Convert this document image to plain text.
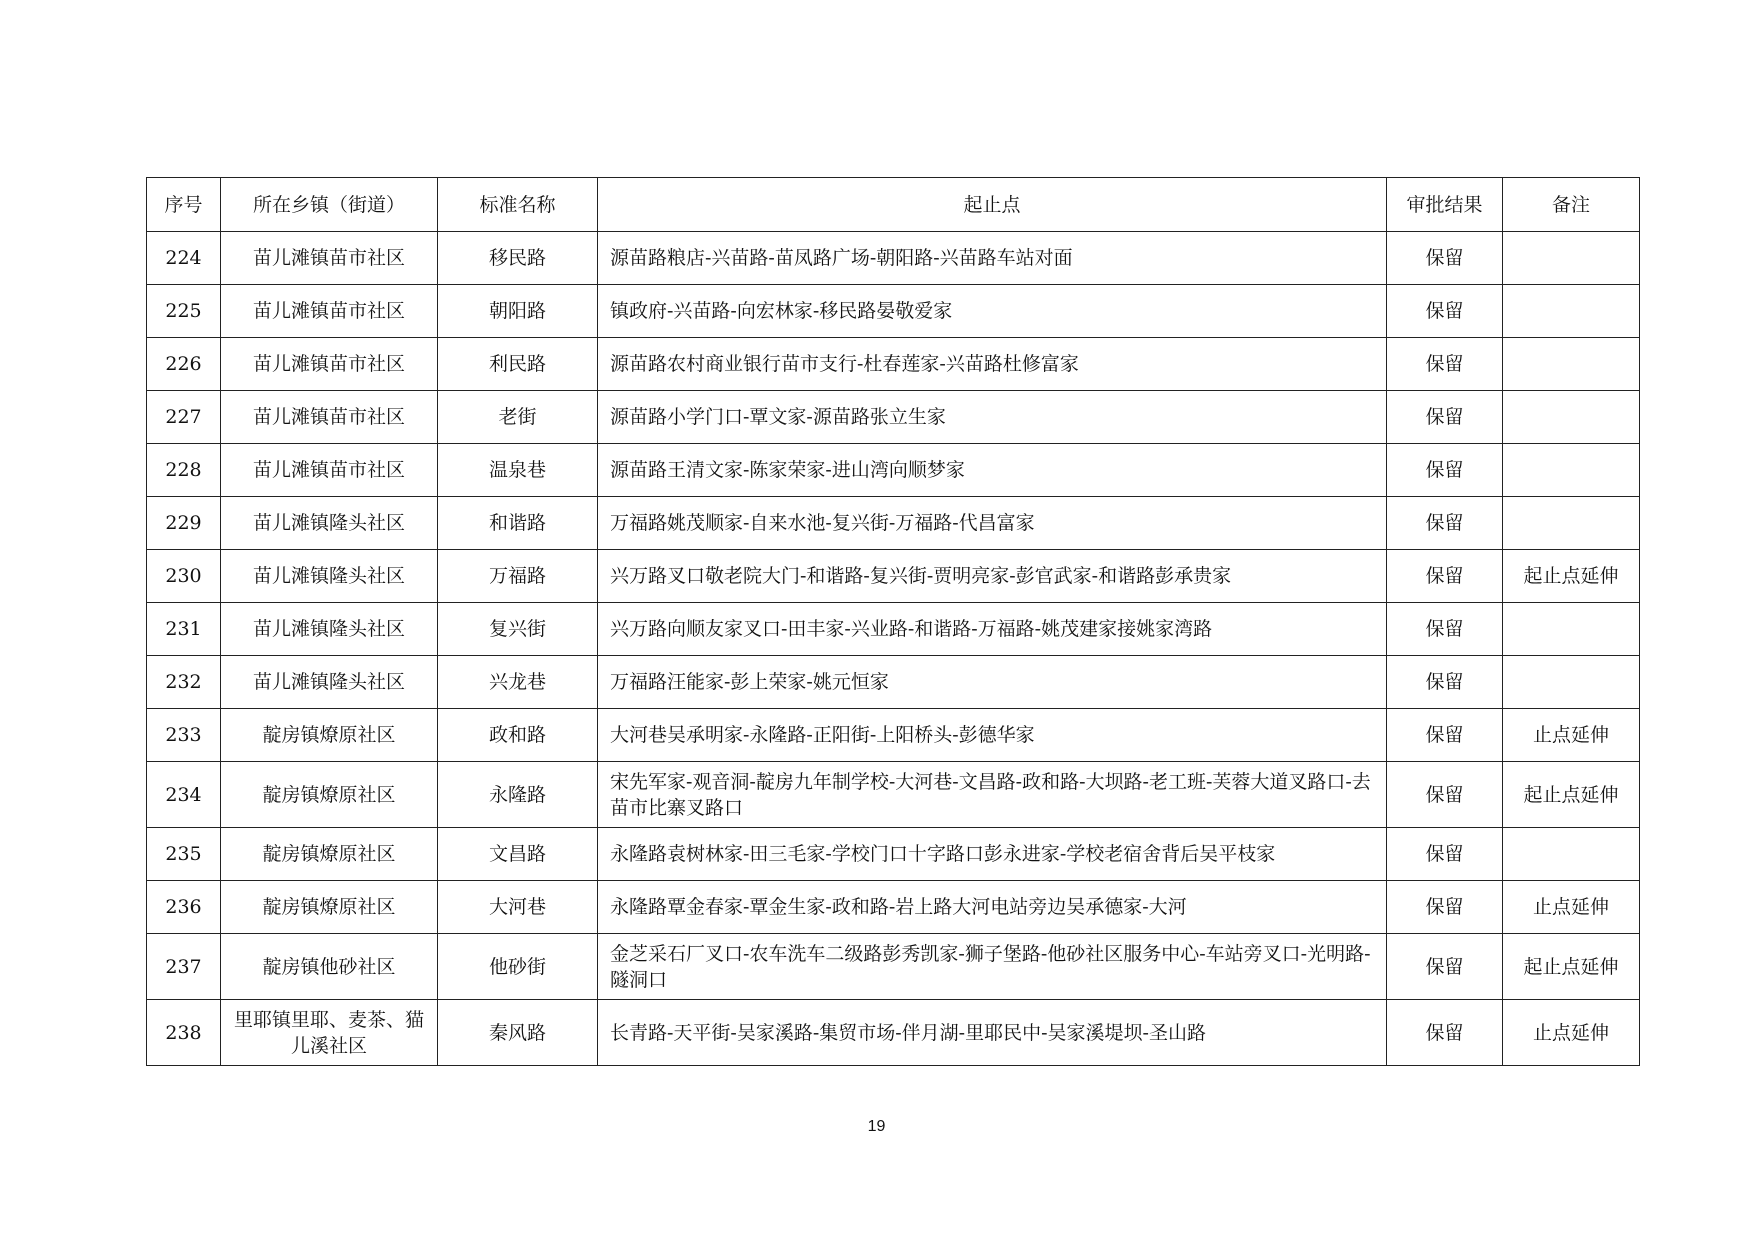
序号	所在乡镇（街道）	标准名称	起止点	审批结果	备注
224	苗儿滩镇苗市社区	移民路	源苗路粮店-兴苗路-苗凤路广场-朝阳路-兴苗路车站对面	保留	
225	苗儿滩镇苗市社区	朝阳路	镇政府-兴苗路-向宏林家-移民路晏敬爱家	保留	
226	苗儿滩镇苗市社区	利民路	源苗路农村商业银行苗市支行-杜春莲家-兴苗路杜修富家	保留	
227	苗儿滩镇苗市社区	老街	源苗路小学门口-覃文家-源苗路张立生家	保留	
228	苗儿滩镇苗市社区	温泉巷	源苗路王清文家-陈家荣家-进山湾向顺梦家	保留	
229	苗儿滩镇隆头社区	和谐路	万福路姚茂顺家-自来水池-复兴街-万福路-代昌富家	保留	
230	苗儿滩镇隆头社区	万福路	兴万路叉口敬老院大门-和谐路-复兴街-贾明亮家-彭官武家-和谐路彭承贵家	保留	起止点延伸
231	苗儿滩镇隆头社区	复兴街	兴万路向顺友家叉口-田丰家-兴业路-和谐路-万福路-姚茂建家接姚家湾路	保留	
232	苗儿滩镇隆头社区	兴龙巷	万福路汪能家-彭上荣家-姚元恒家	保留	
233	靛房镇燎原社区	政和路	大河巷吴承明家-永隆路-正阳街-上阳桥头-彭德华家	保留	止点延伸
234	靛房镇燎原社区	永隆路	宋先军家-观音洞-靛房九年制学校-大河巷-文昌路-政和路-大坝路-老工班-芙蓉大道叉路口-去苗市比寨叉路口	保留	起止点延伸
235	靛房镇燎原社区	文昌路	永隆路袁树林家-田三毛家-学校门口十字路口彭永进家-学校老宿舍背后吴平枝家	保留	
236	靛房镇燎原社区	大河巷	永隆路覃金春家-覃金生家-政和路-岩上路大河电站旁边吴承德家-大河	保留	止点延伸
237	靛房镇他砂社区	他砂街	金芝采石厂叉口-农车洗车二级路彭秀凯家-狮子堡路-他砂社区服务中心-车站旁叉口-光明路-隧洞口	保留	起止点延伸
238	里耶镇里耶、麦茶、猫儿溪社区	秦风路	长青路-天平街-吴家溪路-集贸市场-伴月湖-里耶民中-吴家溪堤坝-圣山路	保留	止点延伸
19
